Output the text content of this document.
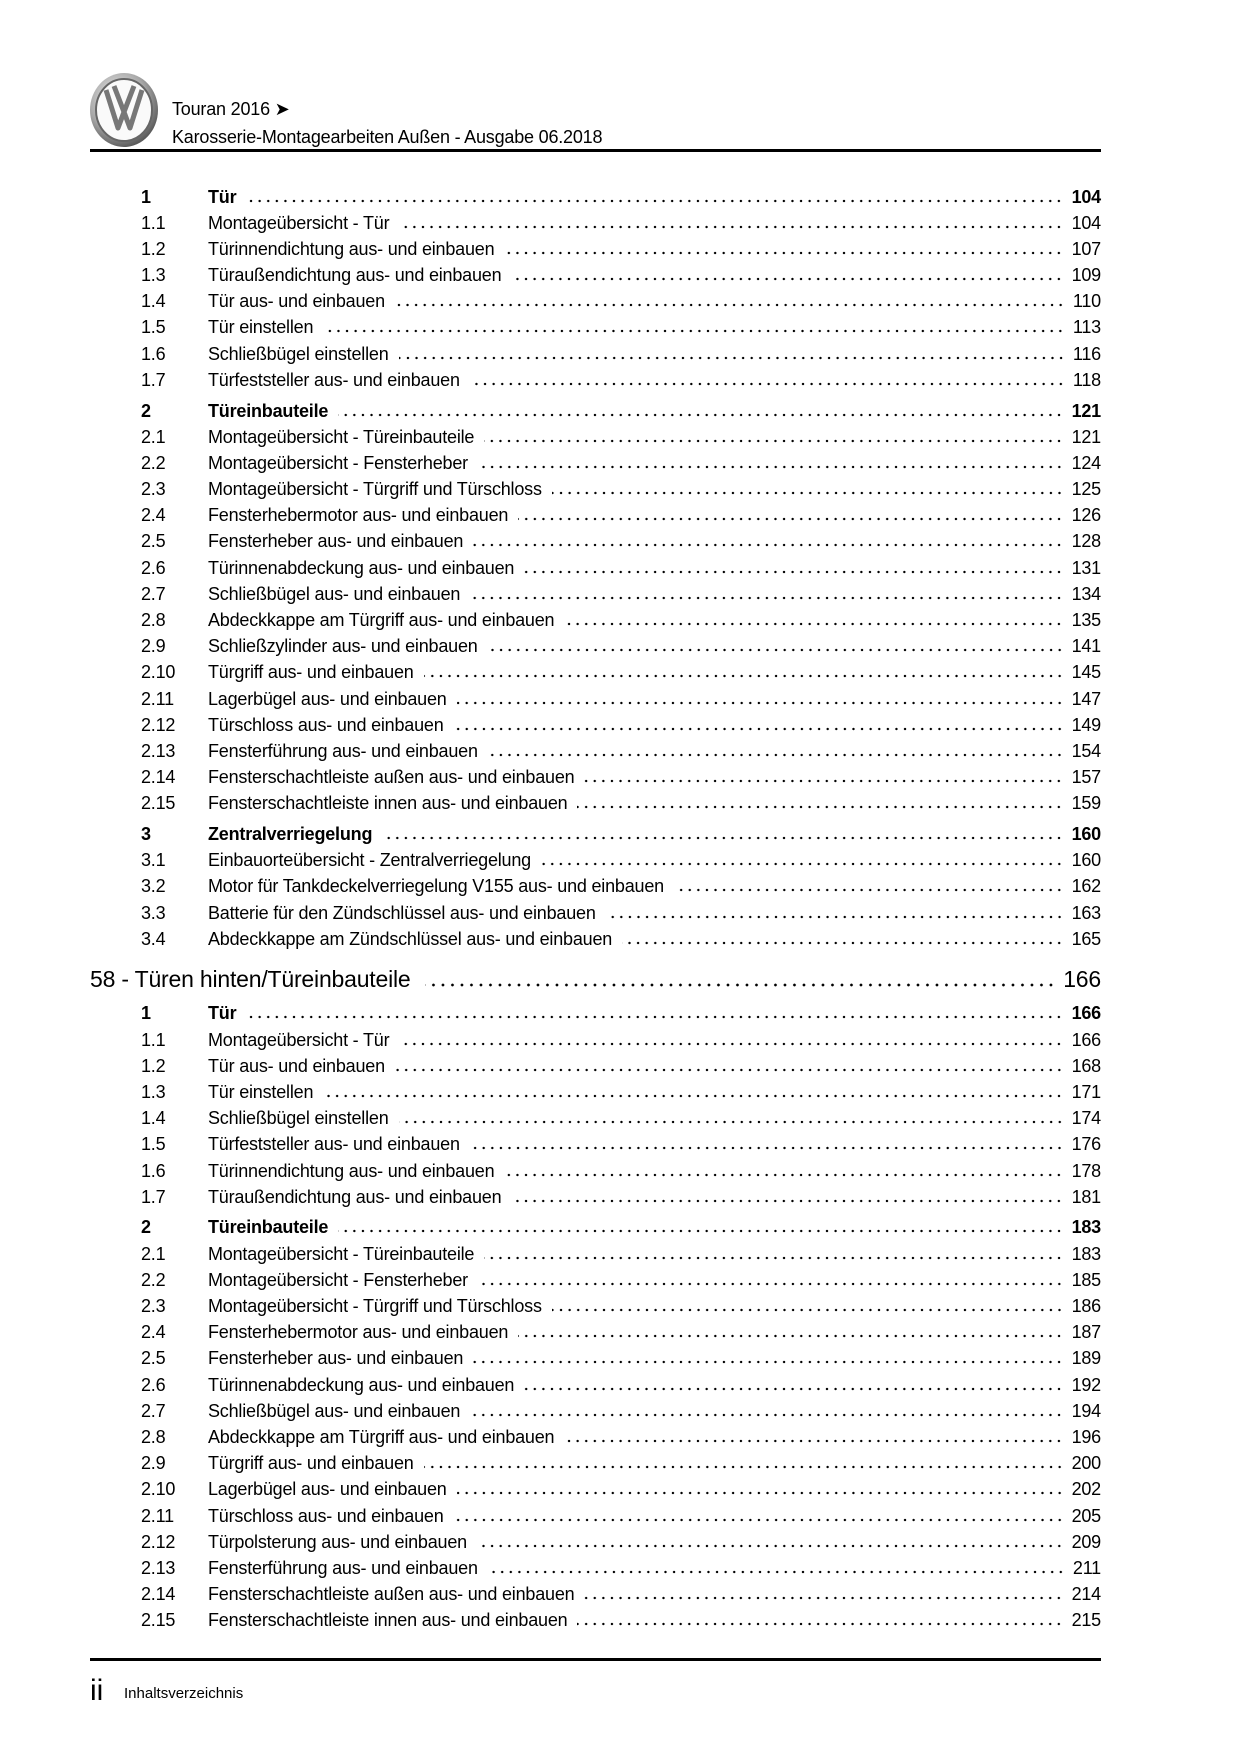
Touran 2016 ➤
Karosserie-Montagearbeiten Außen - Ausgabe 06.2018
1	Tür	104
1.1	Montageübersicht - Tür	104
1.2	Türinnendichtung aus- und einbauen	107
1.3	Türaußendichtung aus- und einbauen	109
1.4	Tür aus- und einbauen	110
1.5	Tür einstellen	113
1.6	Schließbügel einstellen	116
1.7	Türfeststeller aus- und einbauen	118
2	Türeinbauteile	121
2.1	Montageübersicht - Türeinbauteile	121
2.2	Montageübersicht - Fensterheber	124
2.3	Montageübersicht - Türgriff und Türschloss	125
2.4	Fensterhebermotor aus- und einbauen	126
2.5	Fensterheber aus- und einbauen	128
2.6	Türinnenabdeckung aus- und einbauen	131
2.7	Schließbügel aus- und einbauen	134
2.8	Abdeckkappe am Türgriff aus- und einbauen	135
2.9	Schließzylinder aus- und einbauen	141
2.10	Türgriff aus- und einbauen	145
2.11	Lagerbügel aus- und einbauen	147
2.12	Türschloss aus- und einbauen	149
2.13	Fensterführung aus- und einbauen	154
2.14	Fensterschachtleiste außen aus- und einbauen	157
2.15	Fensterschachtleiste innen aus- und einbauen	159
3	Zentralverriegelung	160
3.1	Einbauorteübersicht - Zentralverriegelung	160
3.2	Motor für Tankdeckelverriegelung V155 aus- und einbauen	162
3.3	Batterie für den Zündschlüssel aus- und einbauen	163
3.4	Abdeckkappe am Zündschlüssel aus- und einbauen	165
58 - Türen hinten/Türeinbauteile	166
1	Tür	166
1.1	Montageübersicht - Tür	166
1.2	Tür aus- und einbauen	168
1.3	Tür einstellen	171
1.4	Schließbügel einstellen	174
1.5	Türfeststeller aus- und einbauen	176
1.6	Türinnendichtung aus- und einbauen	178
1.7	Türaußendichtung aus- und einbauen	181
2	Türeinbauteile	183
2.1	Montageübersicht - Türeinbauteile	183
2.2	Montageübersicht - Fensterheber	185
2.3	Montageübersicht - Türgriff und Türschloss	186
2.4	Fensterhebermotor aus- und einbauen	187
2.5	Fensterheber aus- und einbauen	189
2.6	Türinnenabdeckung aus- und einbauen	192
2.7	Schließbügel aus- und einbauen	194
2.8	Abdeckkappe am Türgriff aus- und einbauen	196
2.9	Türgriff aus- und einbauen	200
2.10	Lagerbügel aus- und einbauen	202
2.11	Türschloss aus- und einbauen	205
2.12	Türpolsterung aus- und einbauen	209
2.13	Fensterführung aus- und einbauen	211
2.14	Fensterschachtleiste außen aus- und einbauen	214
2.15	Fensterschachtleiste innen aus- und einbauen	215
ii Inhaltsverzeichnis
